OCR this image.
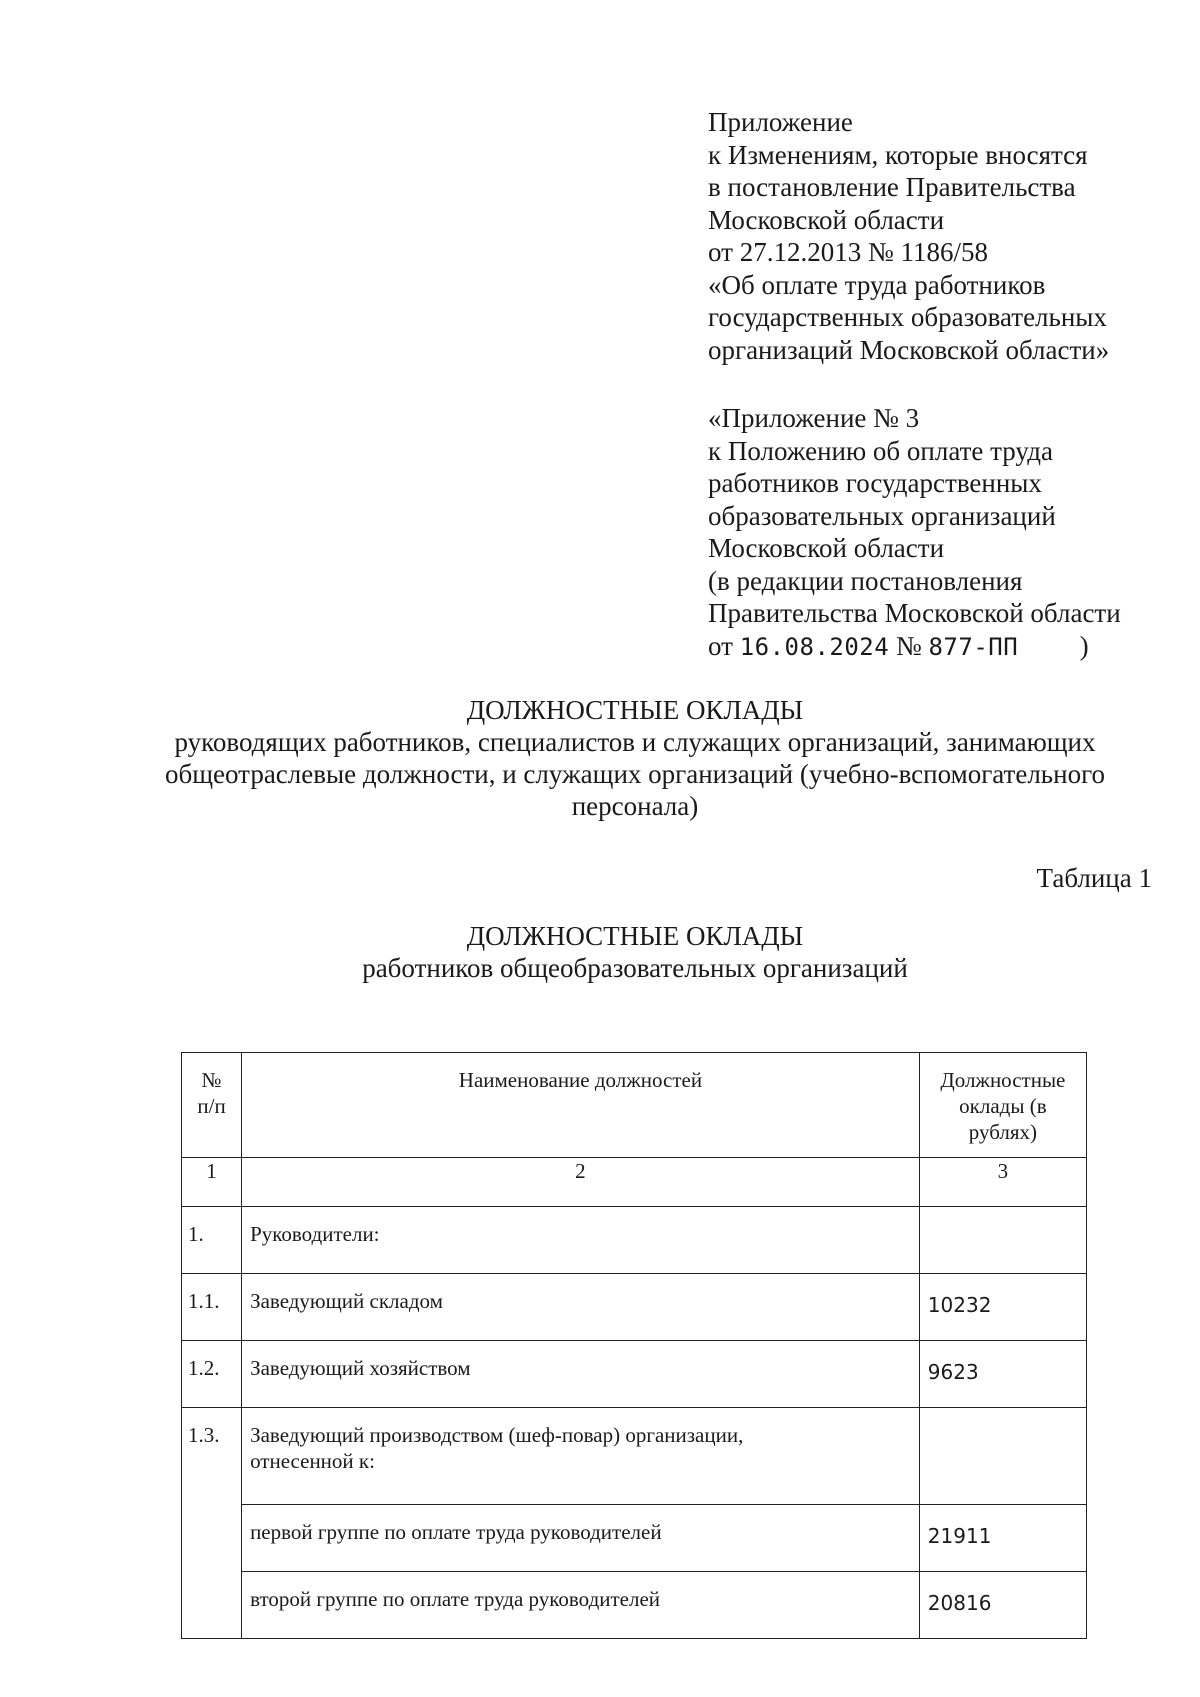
Приложение
к Изменениям, которые вносятся
в постановление Правительства
Московской области
от 27.12.2013 № 1186/58
«Об оплате труда работников
государственных образовательных
организаций Московской области»
«Приложение № 3
к Положению об оплате труда
работников государственных
образовательных организаций
Московской области
(в редакции постановления
Правительства Московской области
от 16.08.2024 № 877-ПП )
ДОЛЖНОСТНЫЕ ОКЛАДЫ
руководящих работников, специалистов и служащих организаций, занимающих
общеотраслевые должности, и служащих организаций (учебно-вспомогательного
персонала)
Таблица 1
ДОЛЖНОСТНЫЕ ОКЛАДЫ
работников общеобразовательных организаций
№
п/п	Наименование должностей	Должностные
оклады (в
рублях)
1	2	3
1.	Руководители:	
1.1.	Заведующий складом	10232
1.2.	Заведующий хозяйством	9623
1.3.	Заведующий производством (шеф-повар) организации,
отнесенной к:	
	первой группе по оплате труда руководителей	21911
	второй группе по оплате труда руководителей	20816
